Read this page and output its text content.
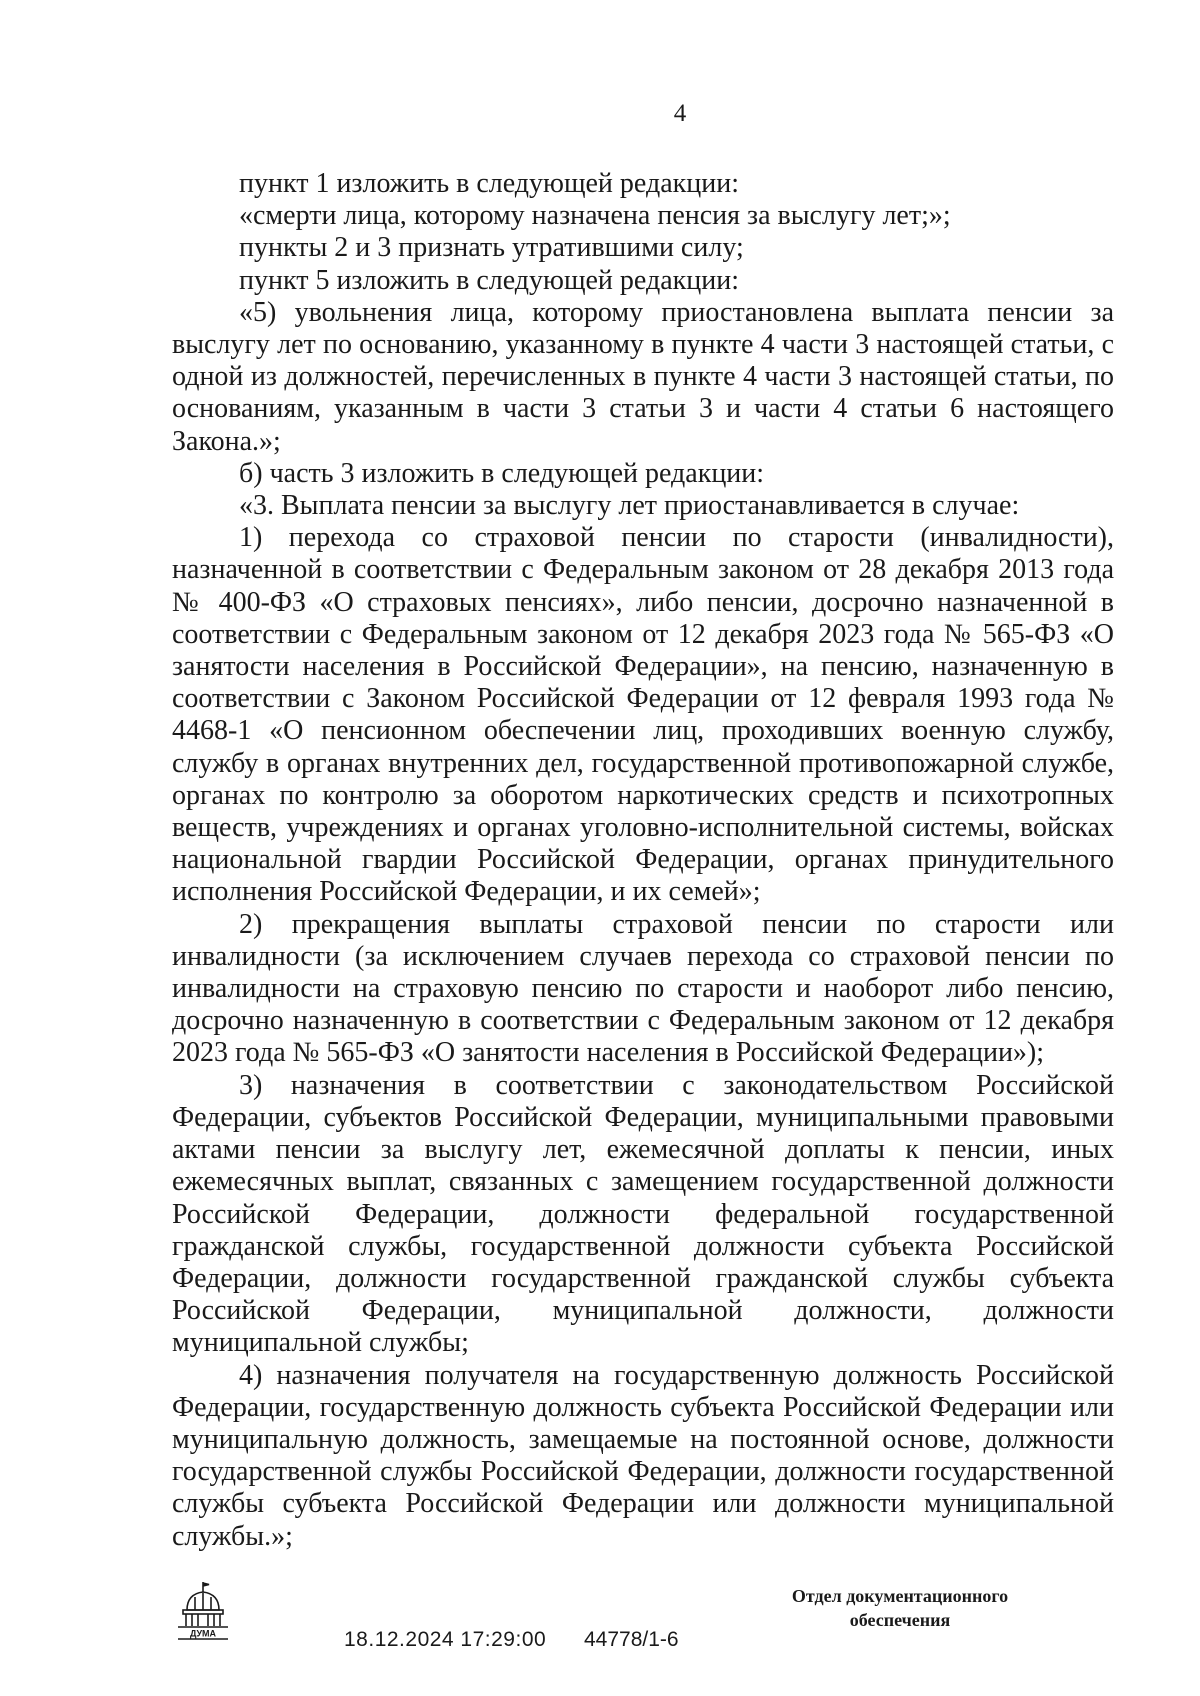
4

пункт 1 изложить в следующей редакции:

«смерти лица, которому назначена пенсия за выслугу лет;»;

пункты 2 и 3 признать утратившими силу;

пункт 5 изложить в следующей редакции:

«5) увольнения лица, которому приостановлена выплата пенсии за выслугу лет по основанию, указанному в пункте 4 части 3 настоящей статьи, с одной из должностей, перечисленных в пункте 4 части 3 настоящей статьи, по основаниям, указанным в части 3 статьи 3 и части 4 статьи 6 настоящего Закона.»;

б) часть 3 изложить в следующей редакции:

«3. Выплата пенсии за выслугу лет приостанавливается в случае:

1) перехода со страховой пенсии по старости (инвалидности), назначенной в соответствии с Федеральным законом от 28 декабря 2013 года № 400-ФЗ «О страховых пенсиях», либо пенсии, досрочно назначенной в соответствии с Федеральным законом от 12 декабря 2023 года № 565-ФЗ «О занятости населения в Российской Федерации», на пенсию, назначенную в соответствии с Законом Российской Федерации от 12 февраля 1993 года № 4468-1 «О пенсионном обеспечении лиц, проходивших военную службу, службу в органах внутренних дел, государственной противопожарной службе, органах по контролю за оборотом наркотических средств и психотропных веществ, учреждениях и органах уголовно-исполнительной системы, войсках национальной гвардии Российской Федерации, органах принудительного исполнения Российской Федерации, и их семей»;

2) прекращения выплаты страховой пенсии по старости или инвалидности (за исключением случаев перехода со страховой пенсии по инвалидности на страховую пенсию по старости и наоборот либо пенсию, досрочно назначенную в соответствии с Федеральным законом от 12 декабря 2023 года № 565-ФЗ «О занятости населения в Российской Федерации»);

3) назначения в соответствии с законодательством Российской Федерации, субъектов Российской Федерации, муниципальными правовыми актами пенсии за выслугу лет, ежемесячной доплаты к пенсии, иных ежемесячных выплат, связанных с замещением государственной должности Российской Федерации, должности федеральной государственной гражданской службы, государственной должности субъекта Российской Федерации, должности государственной гражданской службы субъекта Российской Федерации, муниципальной должности, должности муниципальной службы;

4) назначения получателя на государственную должность Российской Федерации, государственную должность субъекта Российской Федерации или муниципальную должность, замещаемые на постоянной основе, должности государственной службы Российской Федерации, должности государственной службы субъекта Российской Федерации или должности муниципальной службы.»;

ДУМА	18.12.2024 17:29:00 44778/1-6
Отдел документационного
обеспечения
